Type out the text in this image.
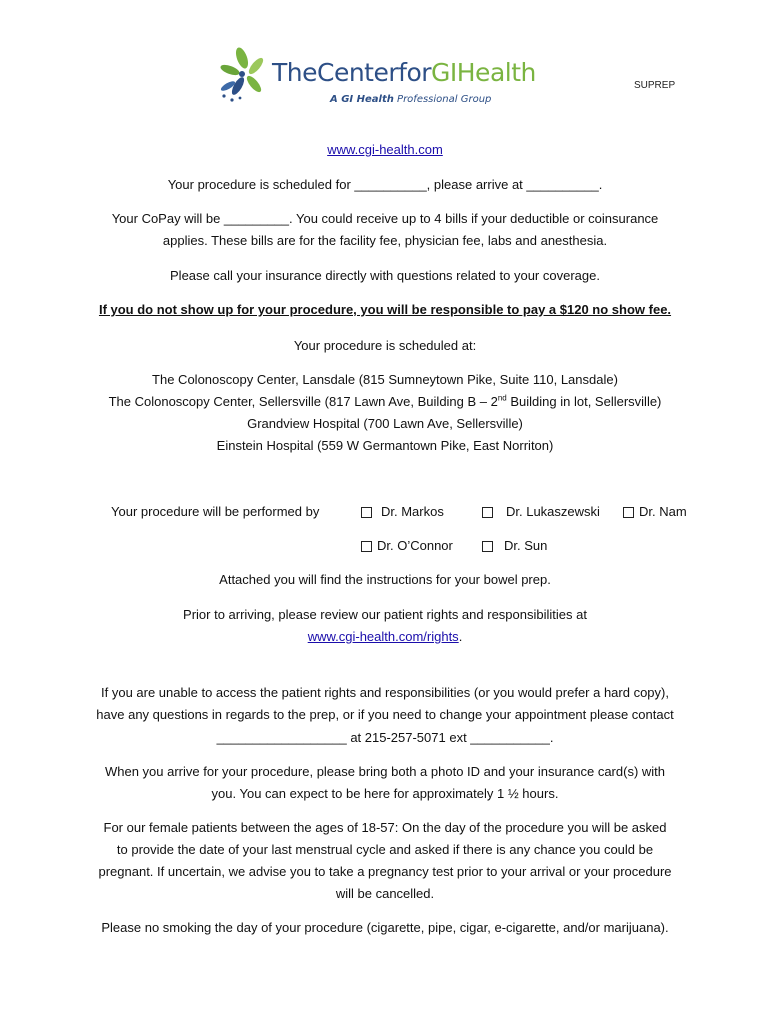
TheCenterforGIHealth
A GI Health Professional Group
SUPREP
www.cgi-health.com
Your procedure is scheduled for __________, please arrive at __________.
Your CoPay will be _________. You could receive up to 4 bills if your deductible or coinsurance
applies. These bills are for the facility fee, physician fee, labs and anesthesia.
Please call your insurance directly with questions related to your coverage.
If you do not show up for your procedure, you will be responsible to pay a $120 no show fee.
Your procedure is scheduled at:
The Colonoscopy Center, Lansdale (815 Sumneytown Pike, Suite 110, Lansdale)
The Colonoscopy Center, Sellersville (817 Lawn Ave, Building B – 2nd Building in lot, Sellersville)
Grandview Hospital (700 Lawn Ave, Sellersville)
Einstein Hospital (559 W Germantown Pike, East Norriton)
Your procedure will be performed by	Dr. Markos	Dr. Lukaszewski	Dr. Nam
Dr. O’Connor	Dr. Sun
Attached you will find the instructions for your bowel prep.
Prior to arriving, please review our patient rights and responsibilities at
www.cgi-health.com/rights.
If you are unable to access the patient rights and responsibilities (or you would prefer a hard copy),
have any questions in regards to the prep, or if you need to change your appointment please contact
__________________ at 215-257-5071 ext ___________.
When you arrive for your procedure, please bring both a photo ID and your insurance card(s) with
you. You can expect to be here for approximately 1 ½ hours.
For our female patients between the ages of 18-57: On the day of the procedure you will be asked
to provide the date of your last menstrual cycle and asked if there is any chance you could be
pregnant. If uncertain, we advise you to take a pregnancy test prior to your arrival or your procedure
will be cancelled.
Please no smoking the day of your procedure (cigarette, pipe, cigar, e-cigarette, and/or marijuana).
